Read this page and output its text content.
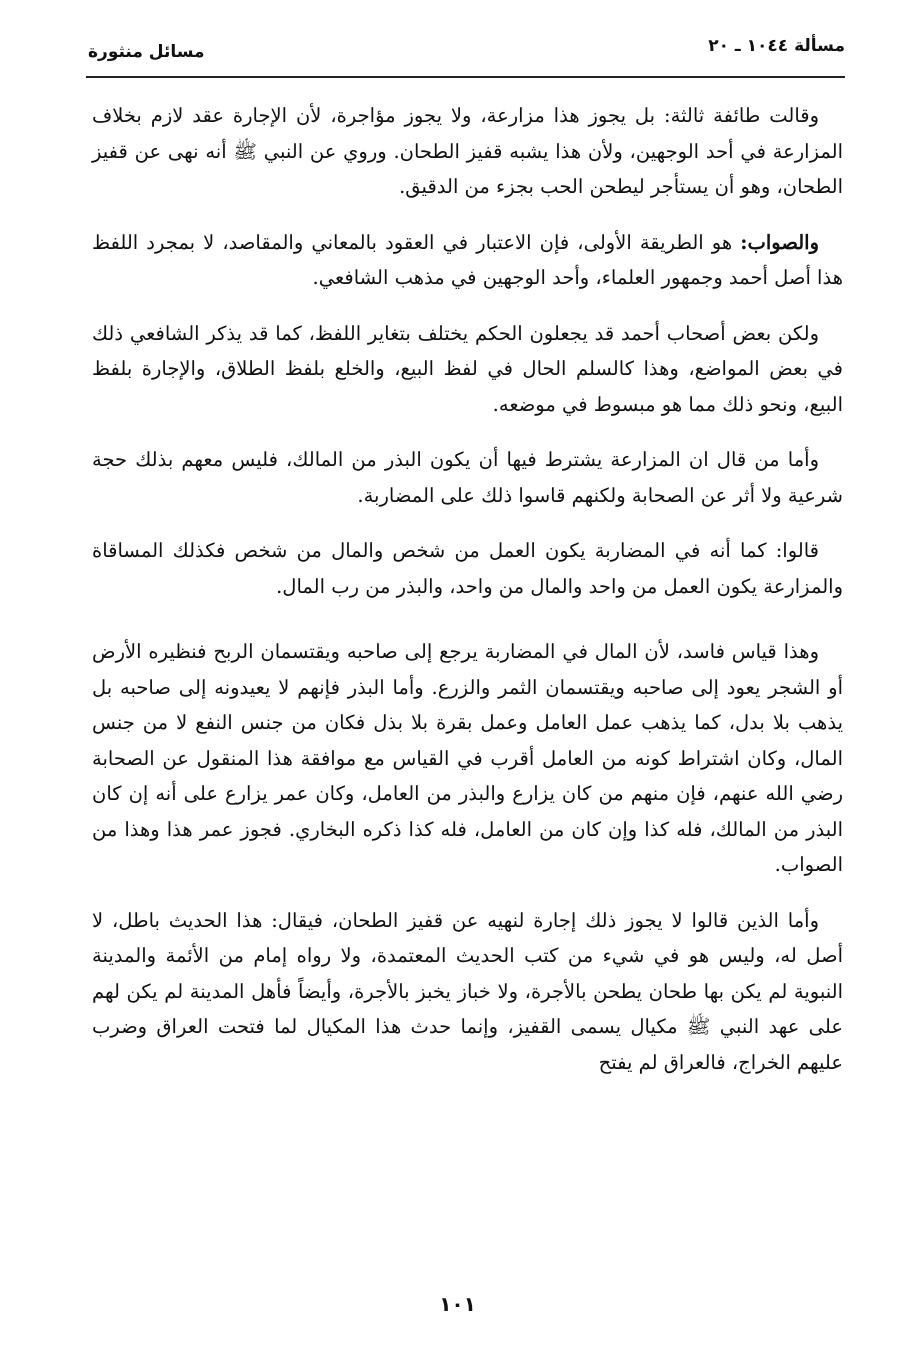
مسألة ١٠٤٤ ـ ٢٠
مسائل منثورة

وقالت طائفة ثالثة: بل يجوز هذا مزارعة، ولا يجوز مؤاجرة، لأن الإجارة عقد لازم بخلاف المزارعة في أحد الوجهين، ولأن هذا يشبه قفيز الطحان. وروي عن النبي ﷺ أنه نهى عن قفيز الطحان، وهو أن يستأجر ليطحن الحب بجزء من الدقيق.

والصواب: هو الطريقة الأولى، فإن الاعتبار في العقود بالمعاني والمقاصد، لا بمجرد اللفظ هذا أصل أحمد وجمهور العلماء، وأحد الوجهين في مذهب الشافعي.

ولكن بعض أصحاب أحمد قد يجعلون الحكم يختلف بتغاير اللفظ، كما قد يذكر الشافعي ذلك في بعض المواضع، وهذا كالسلم الحال في لفظ البيع، والخلع بلفظ الطلاق، والإجارة بلفظ البيع، ونحو ذلك مما هو مبسوط في موضعه.

وأما من قال ان المزارعة يشترط فيها أن يكون البذر من المالك، فليس معهم بذلك حجة شرعية ولا أثر عن الصحابة ولكنهم قاسوا ذلك على المضاربة.

قالوا: كما أنه في المضاربة يكون العمل من شخص والمال من شخص فكذلك المساقاة والمزارعة يكون العمل من واحد والمال من واحد، والبذر من رب المال.

وهذا قياس فاسد، لأن المال في المضاربة يرجع إلى صاحبه ويقتسمان الربح فنظيره الأرض أو الشجر يعود إلى صاحبه ويقتسمان الثمر والزرع. وأما البذر فإنهم لا يعيدونه إلى صاحبه بل يذهب بلا بدل، كما يذهب عمل العامل وعمل بقرة بلا بذل فكان من جنس النفع لا من جنس المال، وكان اشتراط كونه من العامل أقرب في القياس مع موافقة هذا المنقول عن الصحابة رضي الله عنهم، فإن منهم من كان يزارع والبذر من العامل، وكان عمر يزارع على أنه إن كان البذر من المالك، فله كذا وإن كان من العامل، فله كذا ذكره البخاري. فجوز عمر هذا وهذا من الصواب.

وأما الذين قالوا لا يجوز ذلك إجارة لنهيه عن قفيز الطحان، فيقال: هذا الحديث باطل، لا أصل له، وليس هو في شيء من كتب الحديث المعتمدة، ولا رواه إمام من الأئمة والمدينة النبوية لم يكن بها طحان يطحن بالأجرة، ولا خباز يخبز بالأجرة، وأيضاً فأهل المدينة لم يكن لهم على عهد النبي ﷺ مكيال يسمى القفيز، وإنما حدث هذا المكيال لما فتحت العراق وضرب عليهم الخراج، فالعراق لم يفتح

١٠١
